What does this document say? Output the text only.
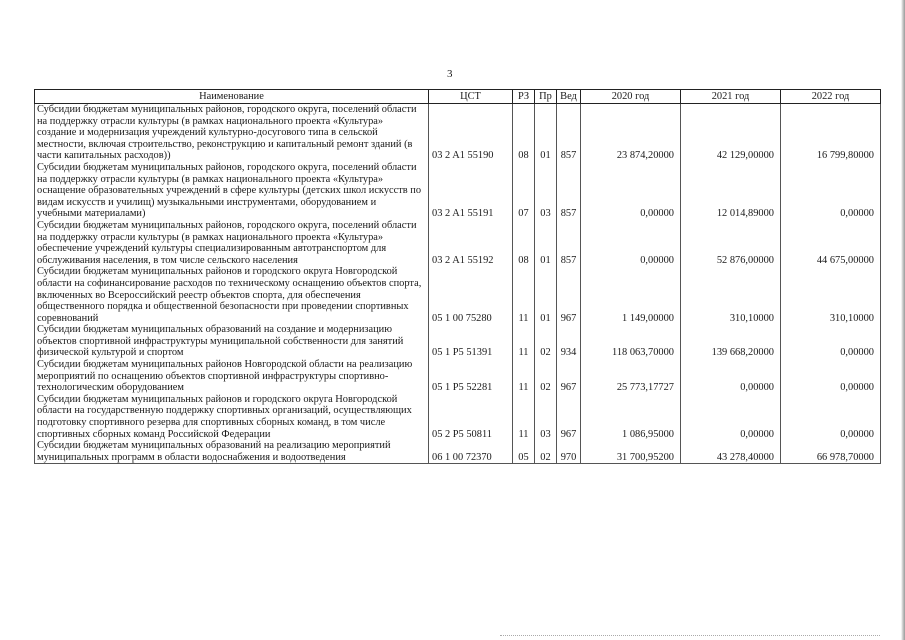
3
Наименование	ЦСТ	РЗ	Пр	Вед	2020 год	2021 год	2022 год
Субсидии бюджетам муниципальных районов, городского округа, поселений области на поддержку отрасли культуры (в рамках национального проекта «Культура» создание и модернизация учреждений культурно-досугового типа в сельской местности, включая строительство, реконструкцию и капитальный ремонт зданий (в части капитальных расходов))	03 2 A1 55190	08	01	857	23 874,20000	42 129,00000	16 799,80000
Субсидии бюджетам муниципальных районов, городского округа, поселений области на поддержку отрасли культуры (в рамках национального проекта «Культура» оснащение образовательных учреждений в сфере культуры (детских школ искусств по видам искусств и училищ) музыкальными инструментами, оборудованием и учебными материалами)	03 2 A1 55191	07	03	857	0,00000	12 014,89000	0,00000
Субсидии бюджетам муниципальных районов, городского округа, поселений области на поддержку отрасли культуры (в рамках национального проекта «Культура» обеспечение учреждений культуры специализированным автотранспортом для обслуживания населения, в том числе сельского населения	03 2 A1 55192	08	01	857	0,00000	52 876,00000	44 675,00000
Субсидии бюджетам муниципальных районов и городского округа Новгородской области на софинансирование расходов по техническому оснащению объектов спорта, включенных во Всероссийский реестр объектов спорта, для обеспечения общественного порядка и общественной безопасности при проведении спортивных соревнований	05 1 00 75280	11	01	967	1 149,00000	310,10000	310,10000
Субсидии бюджетам муниципальных образований на создание и модернизацию объектов спортивной инфраструктуры муниципальной собственности для занятий физической культурой и спортом	05 1 P5 51391	11	02	934	118 063,70000	139 668,20000	0,00000
Субсидии бюджетам муниципальных районов Новгородской области на реализацию мероприятий по оснащению объектов спортивной инфраструктуры спортивно-технологическим оборудованием	05 1 P5 52281	11	02	967	25 773,17727	0,00000	0,00000
Субсидии бюджетам муниципальных районов и городского округа Новгородской области на государственную поддержку спортивных организаций, осуществляющих подготовку спортивного резерва для спортивных сборных команд, в том числе спортивных сборных команд Российской Федерации	05 2 P5 50811	11	03	967	1 086,95000	0,00000	0,00000
Субсидии бюджетам муниципальных образований на реализацию мероприятий муниципальных программ в области водоснабжения и водоотведения	06 1 00 72370	05	02	970	31 700,95200	43 278,40000	66 978,70000
